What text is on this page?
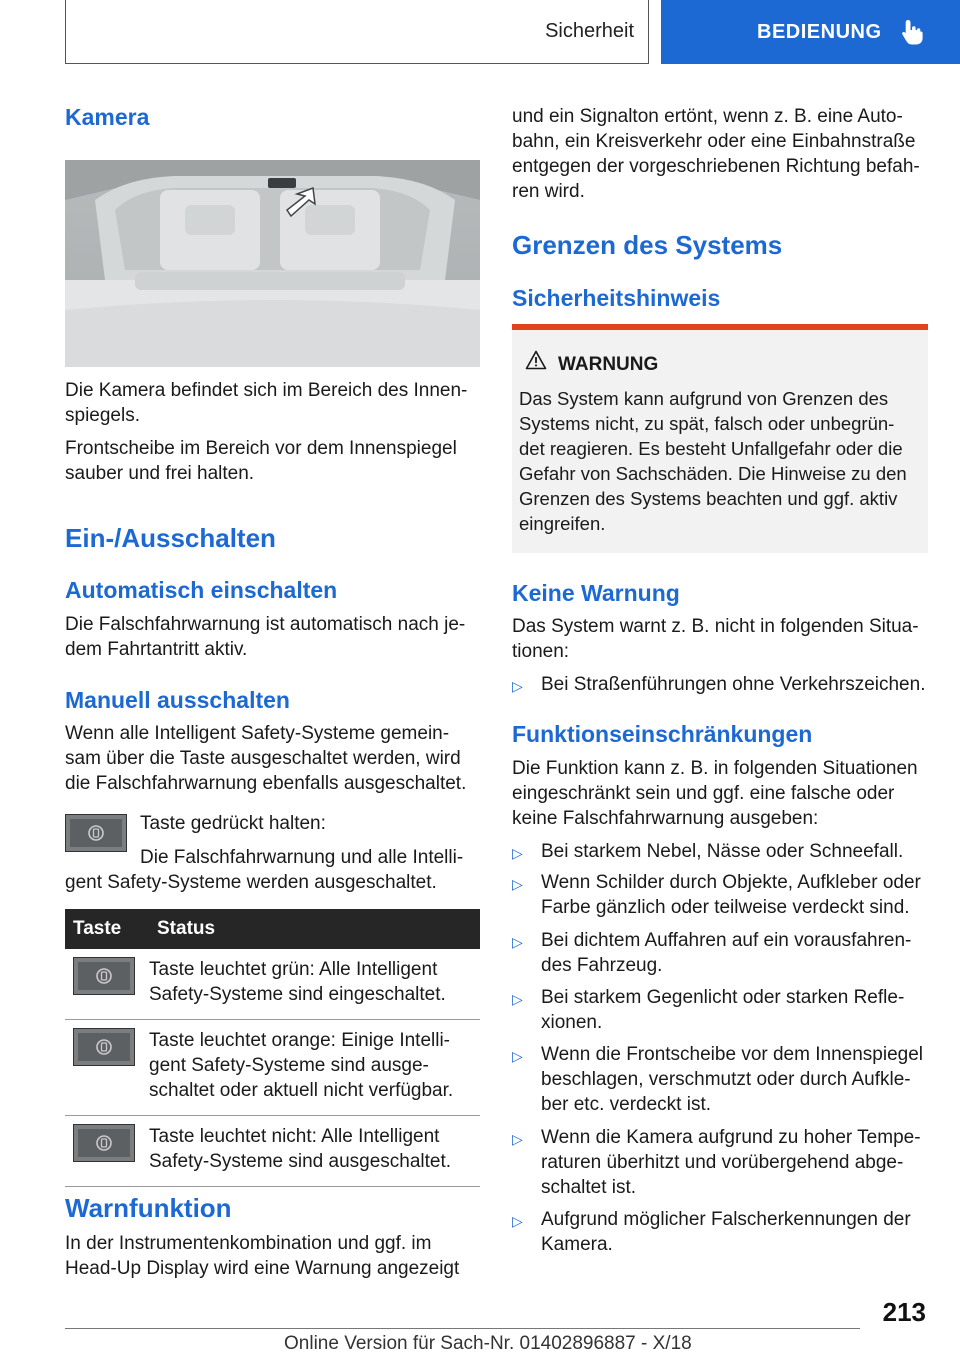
Sicherheit	BEDIENUNG
Kamera
Die Kamera befindet sich im Bereich des Innen-
spiegels.
Frontscheibe im Bereich vor dem Innenspiegel
sauber und frei halten.
Ein-/Ausschalten
Automatisch einschalten
Die Falschfahrwarnung ist automatisch nach je-
dem Fahrtantritt aktiv.
Manuell ausschalten
Wenn alle Intelligent Safety-Systeme gemein-
sam über die Taste ausgeschaltet werden, wird
die Falschfahrwarnung ebenfalls ausgeschaltet.
Taste gedrückt halten:
Die Falschfahrwarnung und alle Intelli-
gent Safety-Systeme werden ausgeschaltet.
Taste	Status

Taste leuchtet grün: Alle Intelligent
Safety-Systeme sind eingeschaltet.

Taste leuchtet orange: Einige Intelli-
gent Safety-Systeme sind ausge-
schaltet oder aktuell nicht verfügbar.

Taste leuchtet nicht: Alle Intelligent
Safety-Systeme sind ausgeschaltet.
Warnfunktion
In der Instrumentenkombination und ggf. im
Head-Up Display wird eine Warnung angezeigt
und ein Signalton ertönt, wenn z. B. eine Auto-
bahn, ein Kreisverkehr oder eine Einbahnstraße
entgegen der vorgeschriebenen Richtung befah-
ren wird.
Grenzen des Systems
Sicherheitshinweis
WARNUNG
Das System kann aufgrund von Grenzen des
Systems nicht, zu spät, falsch oder unbegrün-
det reagieren. Es besteht Unfallgefahr oder die
Gefahr von Sachschäden. Die Hinweise zu den
Grenzen des Systems beachten und ggf. aktiv
eingreifen.
Keine Warnung
Das System warnt z. B. nicht in folgenden Situa-
tionen:
▷ Bei Straßenführungen ohne Verkehrszeichen.
Funktionseinschränkungen
Die Funktion kann z. B. in folgenden Situationen
eingeschränkt sein und ggf. eine falsche oder
keine Falschfahrwarnung ausgeben:
▷ Bei starkem Nebel, Nässe oder Schneefall.
▷ Wenn Schilder durch Objekte, Aufkleber oder
Farbe gänzlich oder teilweise verdeckt sind.
▷ Bei dichtem Auffahren auf ein vorausfahren-
des Fahrzeug.
▷ Bei starkem Gegenlicht oder starken Refle-
xionen.
▷ Wenn die Frontscheibe vor dem Innenspiegel
beschlagen, verschmutzt oder durch Aufkle-
ber etc. verdeckt ist.
▷ Wenn die Kamera aufgrund zu hoher Tempe-
raturen überhitzt und vorübergehend abge-
schaltet ist.
▷ Aufgrund möglicher Falscherkennungen der
Kamera.
213
Online Version für Sach-Nr. 01402896887 - X/18
